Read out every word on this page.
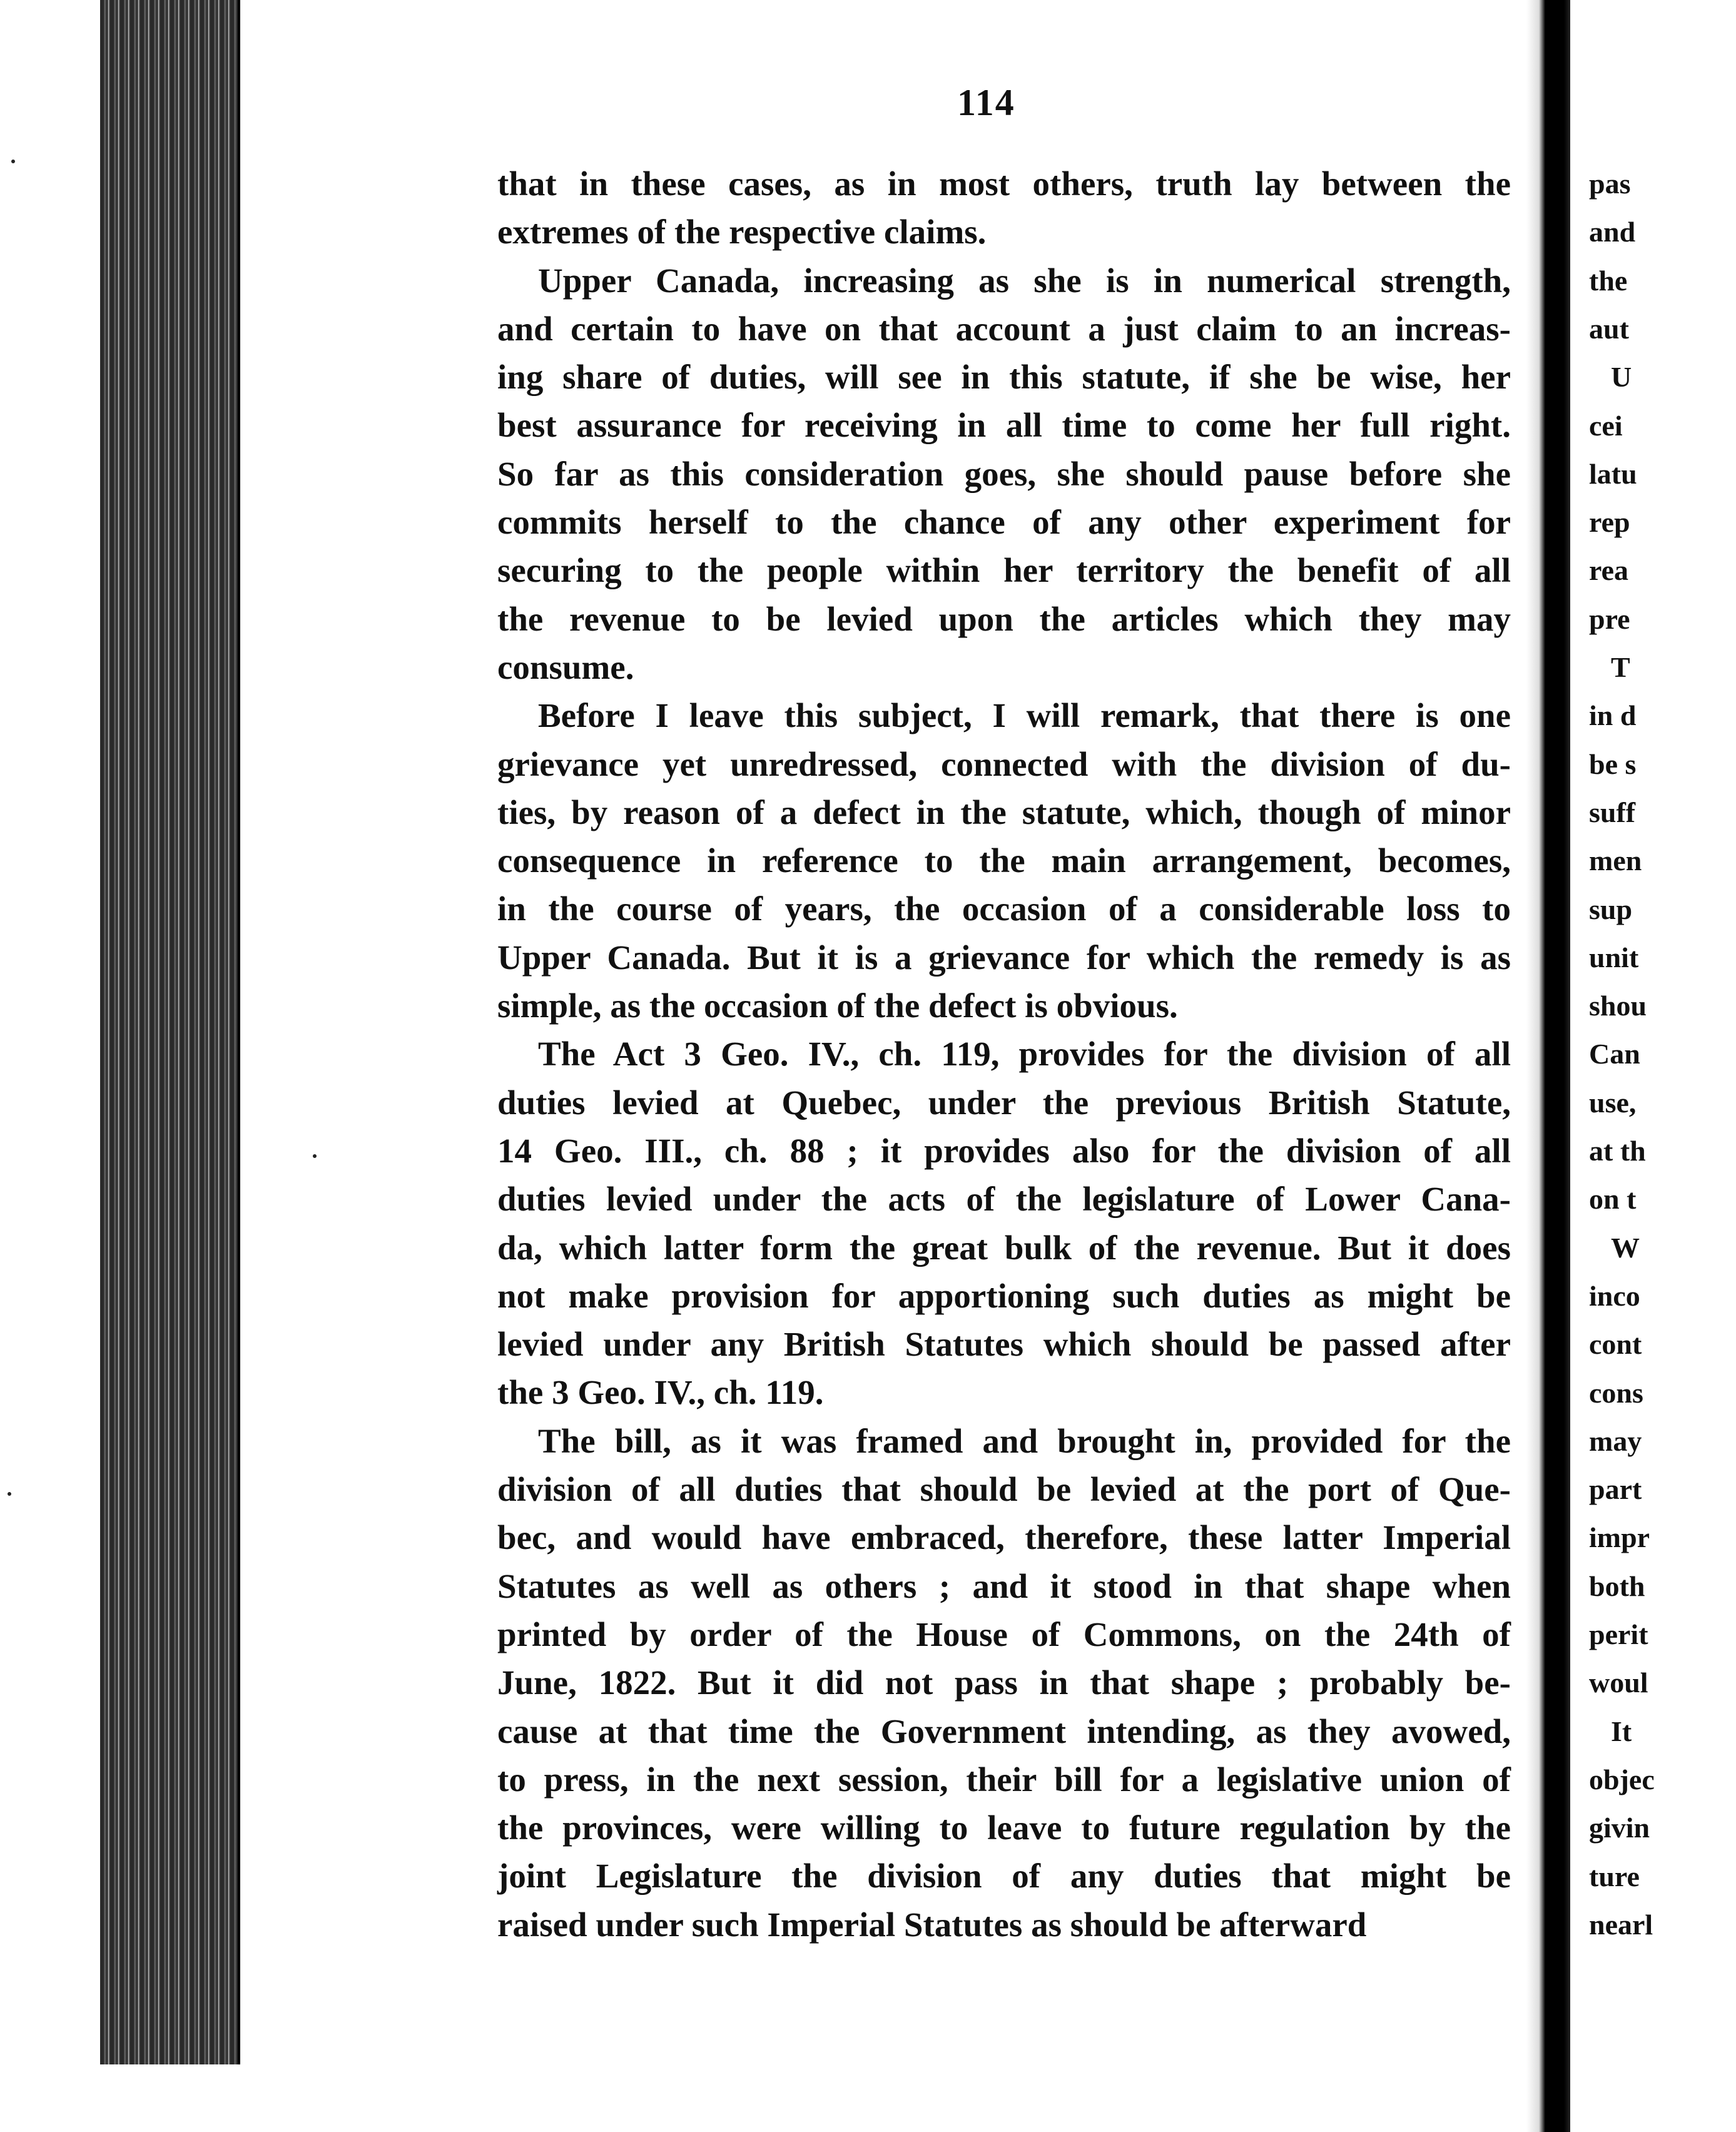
114
that in these cases, as in most others, truth lay between the
extremes of the respective claims.
Upper Canada, increasing as she is in numerical strength,
and certain to have on that account a just claim to an increas-
ing share of duties, will see in this statute, if she be wise, her
best assurance for receiving in all time to come her full right.
So far as this consideration goes, she should pause before she
commits herself to the chance of any other experiment for
securing to the people within her territory the benefit of all
the revenue to be levied upon the articles which they may
consume.
Before I leave this subject, I will remark, that there is one
grievance yet unredressed, connected with the division of du-
ties, by reason of a defect in the statute, which, though of minor
consequence in reference to the main arrangement, becomes,
in the course of years, the occasion of a considerable loss to
Upper Canada. But it is a grievance for which the remedy is as
simple, as the occasion of the defect is obvious.
The Act 3 Geo. IV., ch. 119, provides for the division of all
duties levied at Quebec, under the previous British Statute,
14 Geo. III., ch. 88 ; it provides also for the division of all
duties levied under the acts of the legislature of Lower Cana-
da, which latter form the great bulk of the revenue. But it does
not make provision for apportioning such duties as might be
levied under any British Statutes which should be passed after
the 3 Geo. IV., ch. 119.
The bill, as it was framed and brought in, provided for the
division of all duties that should be levied at the port of Que-
bec, and would have embraced, therefore, these latter Imperial
Statutes as well as others ; and it stood in that shape when
printed by order of the House of Commons, on the 24th of
June, 1822. But it did not pass in that shape ; probably be-
cause at that time the Government intending, as they avowed,
to press, in the next session, their bill for a legislative union of
the provinces, were willing to leave to future regulation by the
joint Legislature the division of any duties that might be
raised under such Imperial Statutes as should be afterward
pas
and
the
aut
U
cei
latu
rep
rea
pre
T
in d
be s
suff
men
sup
unit
shou
Can
use,
at th
on t
W
inco
cont
cons
may
part
impr
both
perit
woul
It
objec
givin
ture
nearl
